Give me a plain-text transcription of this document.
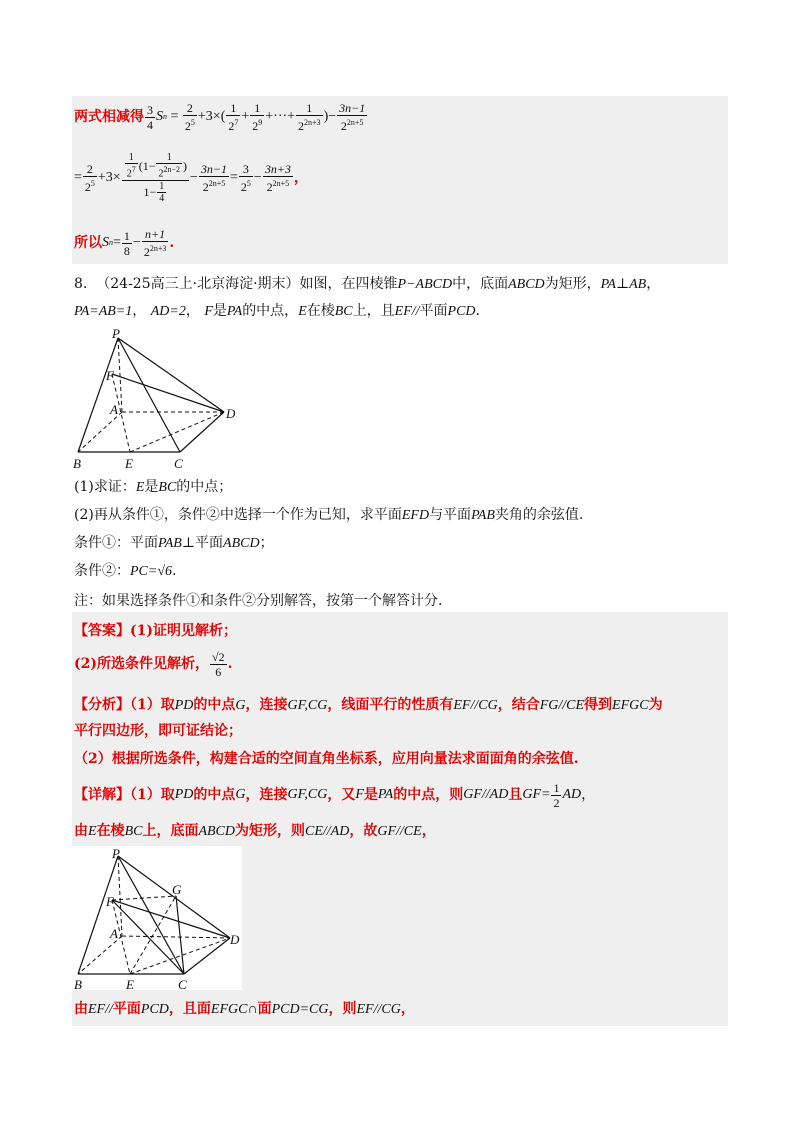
两式相减得 $\frac{3}{4}$ S $n = \frac{2}{2^5} +3\times( \frac{1}{2^7} + \frac{1}{2^9}$ +···+ $\frac{1}{2^{2n+3}}$ )− $\frac{3n-1}{2^{2n+5}}$
= $\frac{2}{2^5} +3\times \frac{\frac{1}{2^7} (1- \frac{1}{2^{2n-2}} )}{1- \frac{1}{4}} - \frac{3n-1}{2^{2n+5}} = \frac{3}{2^5} - \frac{3n+3}{2^{2n+5}}$ ，
所以 S $n = \frac{1}{8} - \frac{n+1}{2^{2n+3}}$ .
8. （24-25高三上·北京海淀·期末）如图，在四棱锥P−ABCD中，底面ABCD为矩形，PA⊥AB，
PA=AB=1， AD=2， F是PA的中点，E在棱BC上，且EF//平面PCD.
P
F
A	D
B	E	C
(1)求证：E是BC的中点；
(2)再从条件①，条件②中选择一个作为已知，求平面EFD与平面PAB夹角的余弦值.
条件①：平面PAB⊥平面ABCD；
条件②：PC=√6.
注：如果选择条件①和条件②分别解答，按第一个解答计分.
【答案】(1)证明见解析；
(2)所选条件见解析， $\frac{√2}{6}$ .
【分析】（1）取PD的中点G，连接GF,CG，线面平行的性质有EF//CG，结合FG//CE得到EFGC为
平行四边形，即可证结论；
（2）根据所选条件，构建合适的空间直角坐标系，应用向量法求面面角的余弦值.
【详解】（1）取 PD 的中点 G ，连接 GF,CG ，又 F 是 PA 的中点，则 GF//AD 且 $GF= \frac{1}{2}$ AD ，
由E在棱BC上，底面ABCD为矩形，则CE//AD，故GF//CE，
P
G
F
A	D
B	E	C
由EF//平面PCD，且面EFGC∩面PCD=CG，则EF//CG，
